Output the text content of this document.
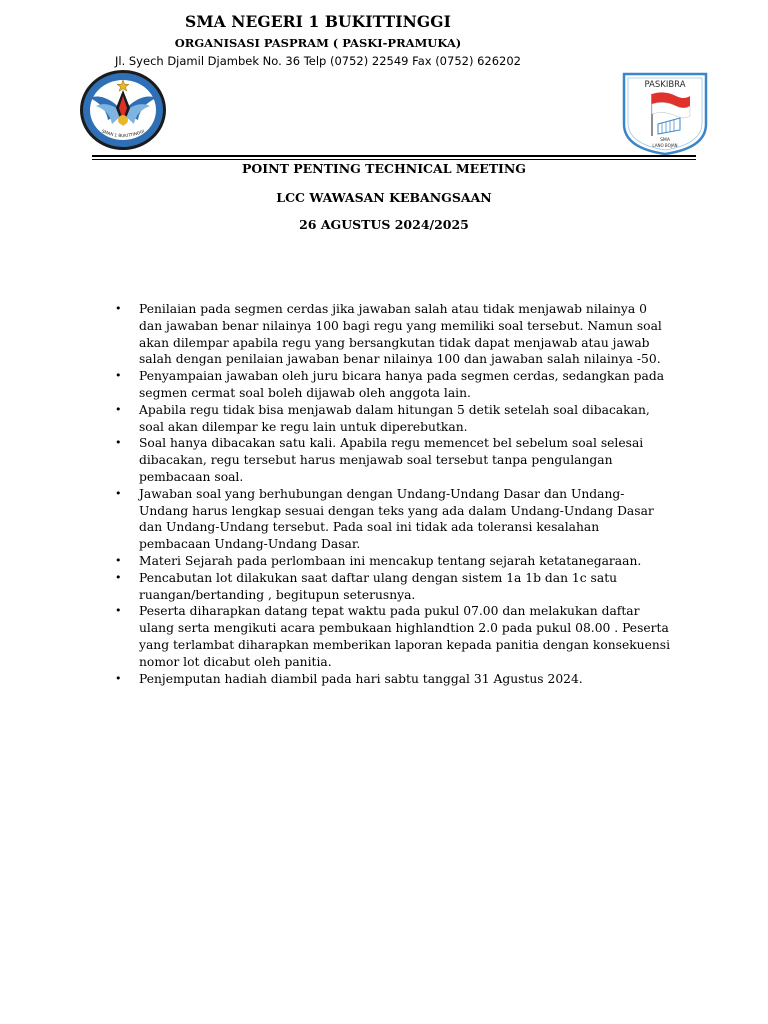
SMA NEGERI 1 BUKITTINGGI
ORGANISASI PASPRAM ( PASKI-PRAMUKA)
Jl. Syech Djamil Djambek No. 36 Telp (0752) 22549 Fax (0752) 626202
SMAN 1 BUKITTINGGI
PASKIBRA
SMA
LANO BOJAN
POINT PENTING TECHNICAL MEETING
LCC WAWASAN KEBANGSAAN
26 AGUSTUS 2024/2025
• Penilaian pada segmen cerdas jika jawaban salah atau tidak menjawab nilainya 0 dan jawaban benar nilainya 100 bagi regu yang memiliki soal tersebut. Namun soal akan dilempar apabila regu yang bersangkutan tidak dapat menjawab atau jawab salah dengan penilaian jawaban benar nilainya 100 dan jawaban salah nilainya -50.
• Penyampaian jawaban oleh juru bicara hanya pada segmen cerdas, sedangkan pada segmen cermat soal boleh dijawab oleh anggota lain.
• Apabila regu tidak bisa menjawab dalam hitungan 5 detik setelah soal dibacakan, soal akan dilempar ke regu lain untuk diperebutkan.
• Soal hanya dibacakan satu kali. Apabila regu memencet bel sebelum soal selesai dibacakan, regu tersebut harus menjawab soal tersebut tanpa pengulangan pembacaan soal.
• Jawaban soal yang berhubungan dengan Undang-Undang Dasar dan Undang-Undang harus lengkap sesuai dengan teks yang ada dalam Undang-Undang Dasar dan Undang-Undang tersebut. Pada soal ini tidak ada toleransi kesalahan pembacaan Undang-Undang Dasar.
• Materi Sejarah pada perlombaan ini mencakup tentang sejarah ketatanegaraan.
• Pencabutan lot dilakukan saat daftar ulang dengan sistem 1a 1b dan 1c satu ruangan/bertanding , begitupun seterusnya.
• Peserta diharapkan datang tepat waktu pada pukul 07.00 dan melakukan daftar ulang serta mengikuti acara pembukaan highlandtion 2.0 pada pukul 08.00 . Peserta yang terlambat diharapkan memberikan laporan kepada panitia dengan konsekuensi nomor lot dicabut oleh panitia.
• Penjemputan hadiah diambil pada hari sabtu tanggal 31 Agustus 2024.
